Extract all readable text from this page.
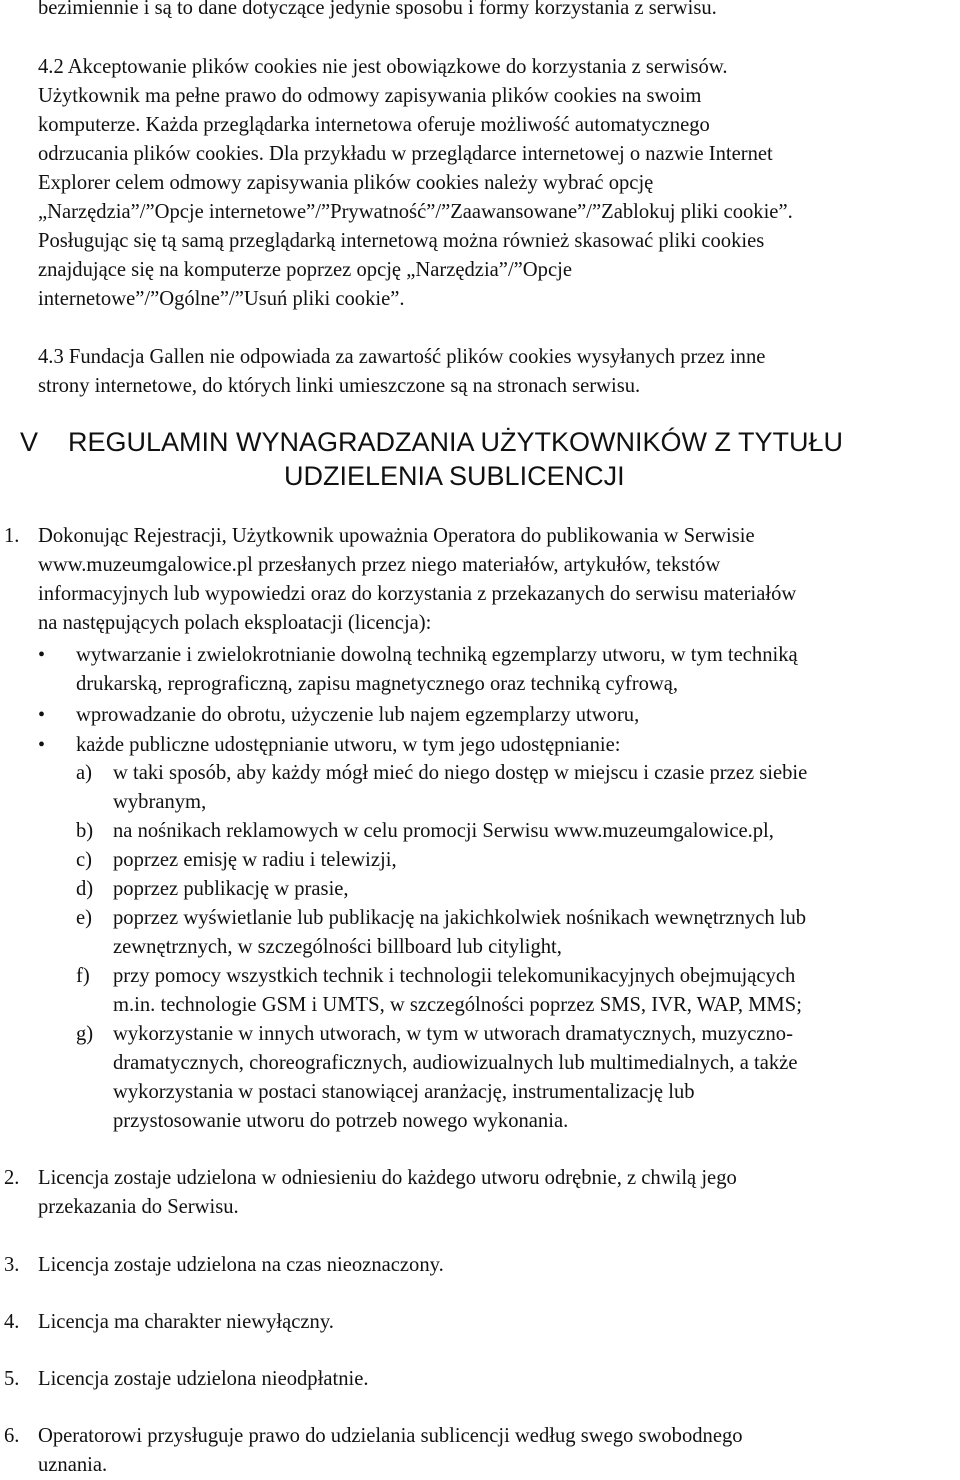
bezimiennie i są to dane dotyczące jedynie sposobu i formy korzystania z serwisu.
4.2 Akceptowanie plików cookies nie jest obowiązkowe do korzystania z serwisów.
Użytkownik ma pełne prawo do odmowy zapisywania plików cookies na swoim
komputerze. Każda przeglądarka internetowa oferuje możliwość automatycznego
odrzucania plików cookies. Dla przykładu w przeglądarce internetowej o nazwie Internet
Explorer celem odmowy zapisywania plików cookies należy wybrać opcję
„Narzędzia”/”Opcje internetowe”/”Prywatność”/”Zaawansowane”/”Zablokuj pliki cookie”.
Posługując się tą samą przeglądarką internetową można również skasować pliki cookies
znajdujące się na komputerze poprzez opcję „Narzędzia”/”Opcje
internetowe”/”Ogólne”/”Usuń pliki cookie”.
4.3 Fundacja Gallen nie odpowiada za zawartość plików cookies wysyłanych przez inne
strony internetowe, do których linki umieszczone są na stronach serwisu.
V REGULAMIN WYNAGRADZANIA UŻYTKOWNIKÓW Z TYTUŁU
UDZIELENIA SUBLICENCJI
1. Dokonując Rejestracji, Użytkownik upoważnia Operatora do publikowania w Serwisie
www.muzeumgalowice.pl przesłanych przez niego materiałów, artykułów, tekstów
informacyjnych lub wypowiedzi oraz do korzystania z przekazanych do serwisu materiałów
na następujących polach eksploatacji (licencja):
• wytwarzanie i zwielokrotnianie dowolną techniką egzemplarzy utworu, w tym techniką
drukarską, reprograficzną, zapisu magnetycznego oraz techniką cyfrową,
• wprowadzanie do obrotu, użyczenie lub najem egzemplarzy utworu,
• każde publiczne udostępnianie utworu, w tym jego udostępnianie:
a) w taki sposób, aby każdy mógł mieć do niego dostęp w miejscu i czasie przez siebie
wybranym,
b) na nośnikach reklamowych w celu promocji Serwisu www.muzeumgalowice.pl,
c) poprzez emisję w radiu i telewizji,
d) poprzez publikację w prasie,
e) poprzez wyświetlanie lub publikację na jakichkolwiek nośnikach wewnętrznych lub
zewnętrznych, w szczególności billboard lub citylight,
f) przy pomocy wszystkich technik i technologii telekomunikacyjnych obejmujących
m.in. technologie GSM i UMTS, w szczególności poprzez SMS, IVR, WAP, MMS;
g) wykorzystanie w innych utworach, w tym w utworach dramatycznych, muzyczno-
dramatycznych, choreograficznych, audiowizualnych lub multimedialnych, a także
wykorzystania w postaci stanowiącej aranżację, instrumentalizację lub
przystosowanie utworu do potrzeb nowego wykonania.
2. Licencja zostaje udzielona w odniesieniu do każdego utworu odrębnie, z chwilą jego
przekazania do Serwisu.
3. Licencja zostaje udzielona na czas nieoznaczony.
4. Licencja ma charakter niewyłączny.
5. Licencja zostaje udzielona nieodpłatnie.
6. Operatorowi przysługuje prawo do udzielania sublicencji według swego swobodnego
uznania.
